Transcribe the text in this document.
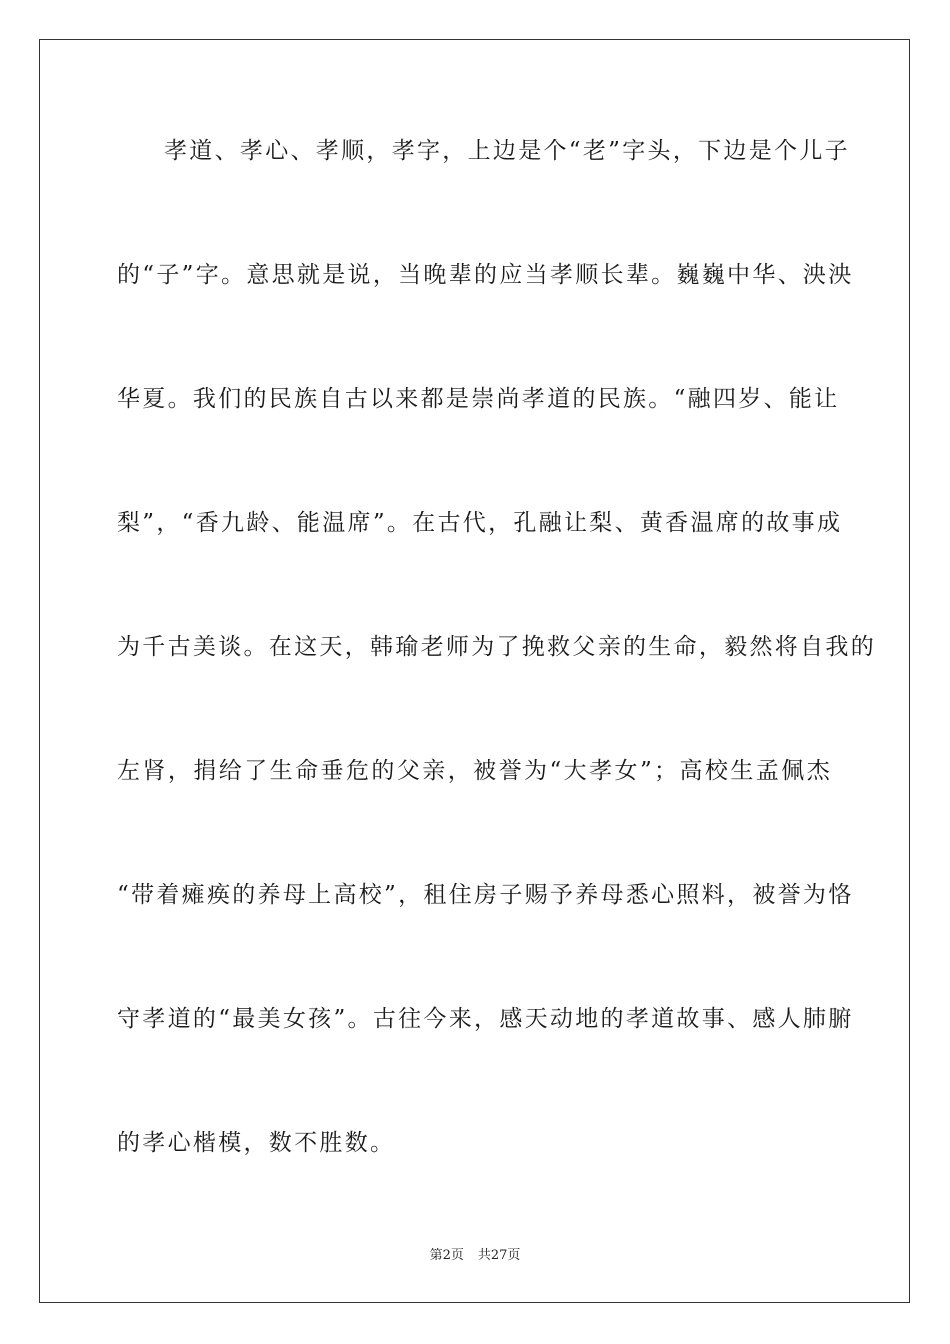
孝道、孝心、孝顺，孝字，上边是个“老”字头，下边是个儿子
的“子”字。意思就是说，当晚辈的应当孝顺长辈。巍巍中华、泱泱
华夏。我们的民族自古以来都是崇尚孝道的民族。“融四岁、能让
梨”，“香九龄、能温席”。在古代，孔融让梨、黄香温席的故事成
为千古美谈。在这天，韩瑜老师为了挽救父亲的生命，毅然将自我的
左肾，捐给了生命垂危的父亲，被誉为“大孝女”；高校生孟佩杰
“带着瘫痪的养母上高校”，租住房子赐予养母悉心照料，被誉为恪
守孝道的“最美女孩”。古往今来，感天动地的孝道故事、感人肺腑
的孝心楷模，数不胜数。
第2页 共27页
